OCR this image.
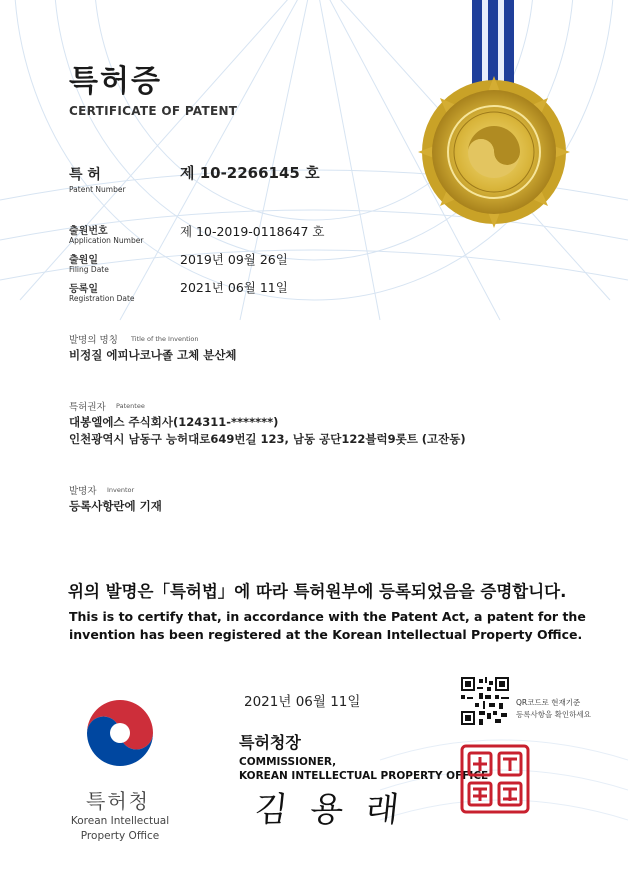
특허증
CERTIFICATE OF PATENT
특 허
Patent Number
제 10-2266145 호
출원번호
Application Number
제 10-2019-0118647 호
출원일
Filing Date
2019년 09월 26일
등록일
Registration Date
2021년 06월 11일
발명의 명칭 Title of the Invention
비정질 에피나코나졸 고체 분산체
특허권자 Patentee
대봉엘에스 주식회사(124311-*******)
인천광역시 남동구 능허대로649번길 123, 남동 공단122블럭9롯트 (고잔동)
발명자 Inventor
등록사항란에 기재
위의 발명은「특허법」에 따라 특허원부에 등록되었음을 증명합니다.
This is to certify that, in accordance with the Patent Act, a patent for the
invention has been registered at the Korean Intellectual Property Office.
2021년 06월 11일	QR코드로 현재기준
등록사항을 확인하세요
특허청장
COMMISSIONER,
KOREAN INTELLECTUAL PROPERTY OFFICE
김 용 래
특허청
Korean Intellectual
Property Office
